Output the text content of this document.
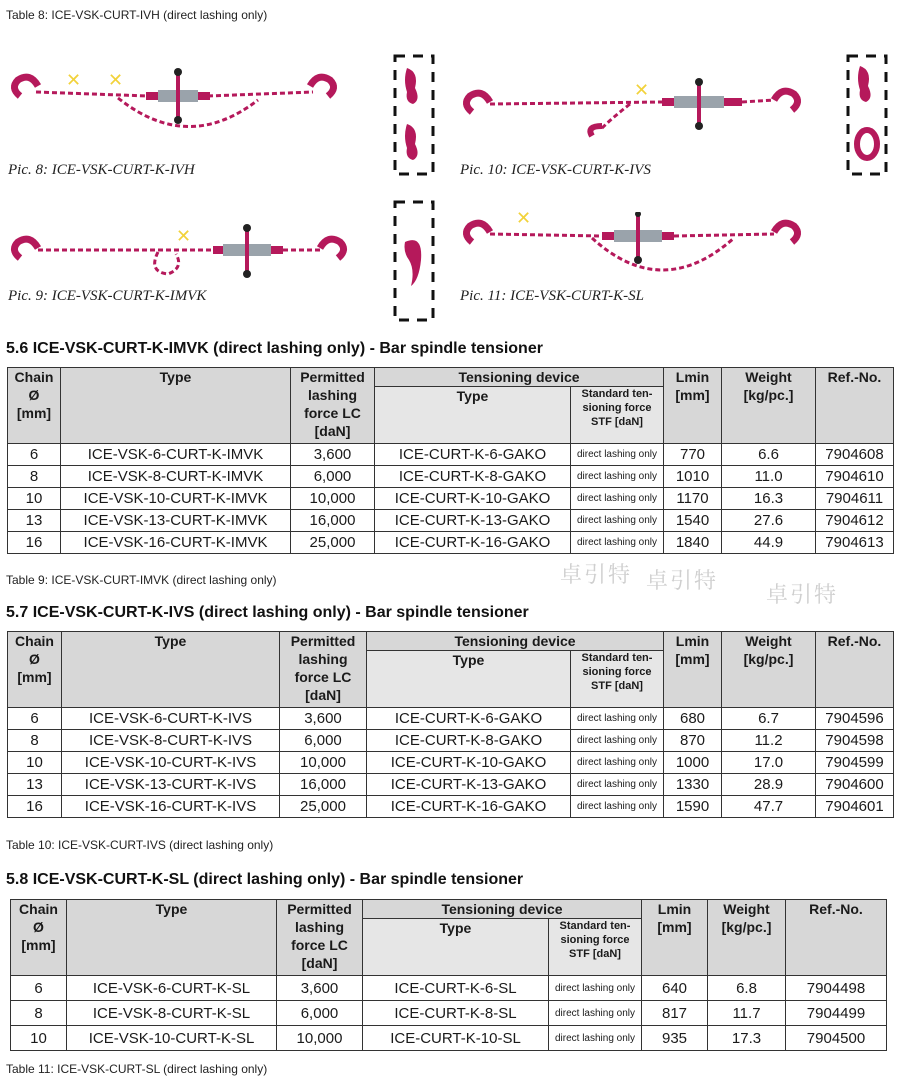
Table 8: ICE-VSK-CURT-IVH (direct lashing only)
✕ ✕
Pic. 8: ICE-VSK-CURT-K-IVH
✕
Pic. 10: ICE-VSK-CURT-K-IVS
✕
Pic. 9: ICE-VSK-CURT-K-IMVK
✕
Pic. 11: ICE-VSK-CURT-K-SL
5.6 ICE-VSK-CURT-K-IMVK (direct lashing only) - Bar spindle tensioner
Chain
Ø
[mm]	Type	Permitted
lashing
force LC
[daN]	Tensioning device		Lmin
[mm]	Weight
[kg/pc.]	Ref.-No.
			Type	Standard ten-
sioning force
STF [daN]			
6	ICE-VSK-6-CURT-K-IMVK	3,600	ICE-CURT-K-6-GAKO	direct lashing only	770	6.6	7904608
8	ICE-VSK-8-CURT-K-IMVK	6,000	ICE-CURT-K-8-GAKO	direct lashing only	1010	11.0	7904610
10	ICE-VSK-10-CURT-K-IMVK	10,000	ICE-CURT-K-10-GAKO	direct lashing only	1170	16.3	7904611
13	ICE-VSK-13-CURT-K-IMVK	16,000	ICE-CURT-K-13-GAKO	direct lashing only	1540	27.6	7904612
16	ICE-VSK-16-CURT-K-IMVK	25,000	ICE-CURT-K-16-GAKO	direct lashing only	1840	44.9	7904613
Table 9: ICE-VSK-CURT-IMVK (direct lashing only)	卓引特 卓引特
卓引特
5.7 ICE-VSK-CURT-K-IVS (direct lashing only) - Bar spindle tensioner
Chain
Ø
[mm]	Type	Permitted
lashing
force LC
[daN]	Tensioning device		Lmin
[mm]	Weight
[kg/pc.]	Ref.-No.
			Type	Standard ten-
sioning force
STF [daN]			
6	ICE-VSK-6-CURT-K-IVS	3,600	ICE-CURT-K-6-GAKO	direct lashing only	680	6.7	7904596
8	ICE-VSK-8-CURT-K-IVS	6,000	ICE-CURT-K-8-GAKO	direct lashing only	870	11.2	7904598
10	ICE-VSK-10-CURT-K-IVS	10,000	ICE-CURT-K-10-GAKO	direct lashing only	1000	17.0	7904599
13	ICE-VSK-13-CURT-K-IVS	16,000	ICE-CURT-K-13-GAKO	direct lashing only	1330	28.9	7904600
16	ICE-VSK-16-CURT-K-IVS	25,000	ICE-CURT-K-16-GAKO	direct lashing only	1590	47.7	7904601
Table 10: ICE-VSK-CURT-IVS (direct lashing only)
5.8 ICE-VSK-CURT-K-SL (direct lashing only) - Bar spindle tensioner
Chain
Ø
[mm]	Type	Permitted
lashing
force LC
[daN]	Tensioning device		Lmin
[mm]	Weight
[kg/pc.]	Ref.-No.
			Type	Standard ten-
sioning force
STF [daN]			
6	ICE-VSK-6-CURT-K-SL	3,600	ICE-CURT-K-6-SL	direct lashing only	640	6.8	7904498
8	ICE-VSK-8-CURT-K-SL	6,000	ICE-CURT-K-8-SL	direct lashing only	817	11.7	7904499
10	ICE-VSK-10-CURT-K-SL	10,000	ICE-CURT-K-10-SL	direct lashing only	935	17.3	7904500
Table 11: ICE-VSK-CURT-SL (direct lashing only)
